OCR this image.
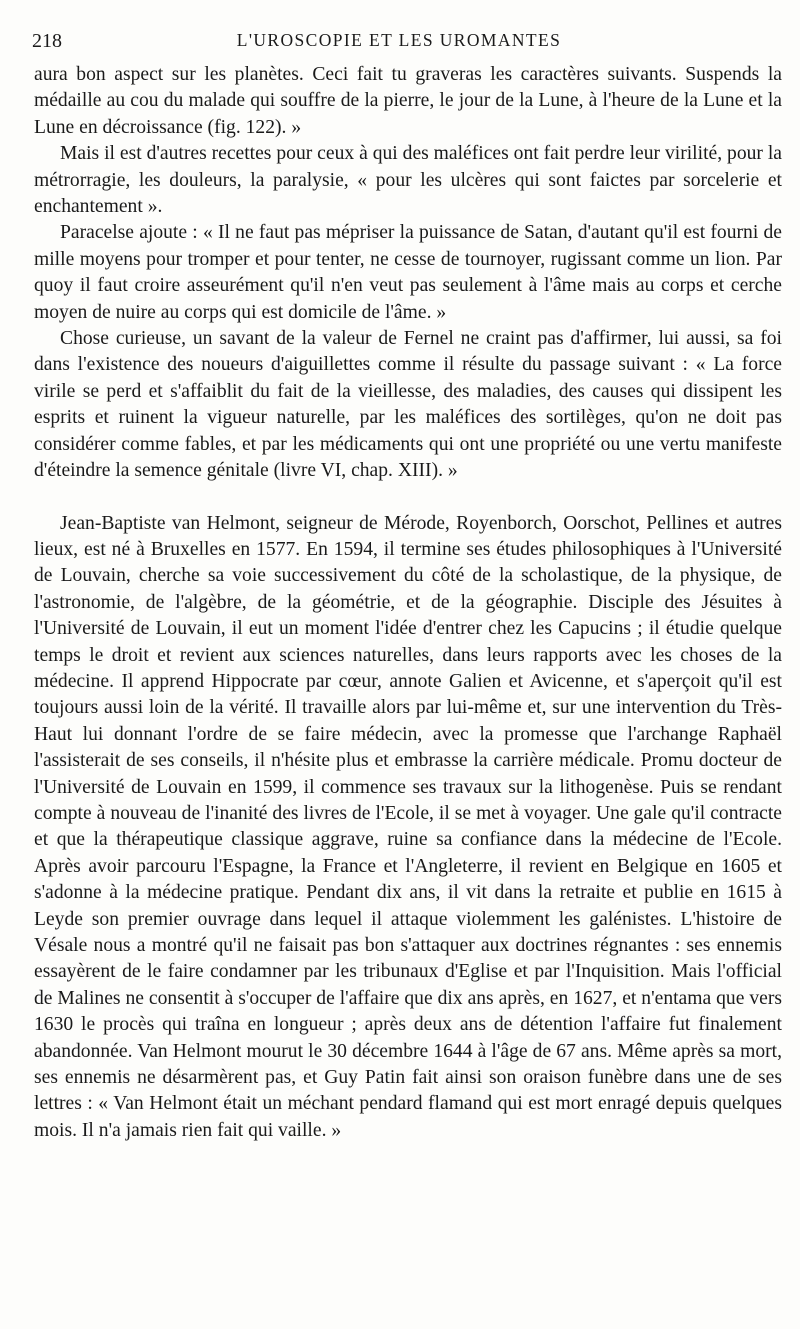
218	L'UROSCOPIE ET LES UROMANTES

aura bon aspect sur les planètes. Ceci fait tu graveras les caractères suivants. Suspends la médaille au cou du malade qui souffre de la pierre, le jour de la Lune, à l'heure de la Lune et la Lune en décroissance (fig. 122). »

Mais il est d'autres recettes pour ceux à qui des maléfices ont fait perdre leur virilité, pour la métrorragie, les douleurs, la paralysie, « pour les ulcères qui sont faictes par sorcelerie et enchantement ».

Paracelse ajoute : « Il ne faut pas mépriser la puissance de Satan, d'autant qu'il est fourni de mille moyens pour tromper et pour tenter, ne cesse de tournoyer, rugissant comme un lion. Par quoy il faut croire asseurément qu'il n'en veut pas seulement à l'âme mais au corps et cerche moyen de nuire au corps qui est domicile de l'âme. »

Chose curieuse, un savant de la valeur de Fernel ne craint pas d'affirmer, lui aussi, sa foi dans l'existence des noueurs d'aiguillettes comme il résulte du passage suivant : « La force virile se perd et s'affaiblit du fait de la vieillesse, des maladies, des causes qui dissipent les esprits et ruinent la vigueur naturelle, par les maléfices des sortilèges, qu'on ne doit pas considérer comme fables, et par les médicaments qui ont une propriété ou une vertu manifeste d'éteindre la semence génitale (livre VI, chap. XIII). »

Jean-Baptiste van Helmont, seigneur de Mérode, Royenborch, Oorschot, Pellines et autres lieux, est né à Bruxelles en 1577. En 1594, il termine ses études philosophiques à l'Université de Louvain, cherche sa voie successivement du côté de la scholastique, de la physique, de l'astronomie, de l'algèbre, de la géométrie, et de la géographie. Disciple des Jésuites à l'Université de Louvain, il eut un moment l'idée d'entrer chez les Capucins ; il étudie quelque temps le droit et revient aux sciences naturelles, dans leurs rapports avec les choses de la médecine. Il apprend Hippocrate par cœur, annote Galien et Avicenne, et s'aperçoit qu'il est toujours aussi loin de la vérité. Il travaille alors par lui-même et, sur une intervention du Très-Haut lui donnant l'ordre de se faire médecin, avec la promesse que l'archange Raphaël l'assisterait de ses conseils, il n'hésite plus et embrasse la carrière médicale. Promu docteur de l'Université de Louvain en 1599, il commence ses travaux sur la lithogenèse. Puis se rendant compte à nouveau de l'inanité des livres de l'Ecole, il se met à voyager. Une gale qu'il contracte et que la thérapeutique classique aggrave, ruine sa confiance dans la médecine de l'Ecole. Après avoir parcouru l'Espagne, la France et l'Angleterre, il revient en Belgique en 1605 et s'adonne à la médecine pratique. Pendant dix ans, il vit dans la retraite et publie en 1615 à Leyde son premier ouvrage dans lequel il attaque violemment les galénistes. L'histoire de Vésale nous a montré qu'il ne faisait pas bon s'attaquer aux doctrines régnantes : ses ennemis essayèrent de le faire condamner par les tribunaux d'Eglise et par l'Inquisition. Mais l'official de Malines ne consentit à s'occuper de l'affaire que dix ans après, en 1627, et n'entama que vers 1630 le procès qui traîna en longueur ; après deux ans de détention l'affaire fut finalement abandonnée. Van Helmont mourut le 30 décembre 1644 à l'âge de 67 ans. Même après sa mort, ses ennemis ne désarmèrent pas, et Guy Patin fait ainsi son oraison funèbre dans une de ses lettres : « Van Helmont était un méchant pendard flamand qui est mort enragé depuis quelques mois. Il n'a jamais rien fait qui vaille. »
